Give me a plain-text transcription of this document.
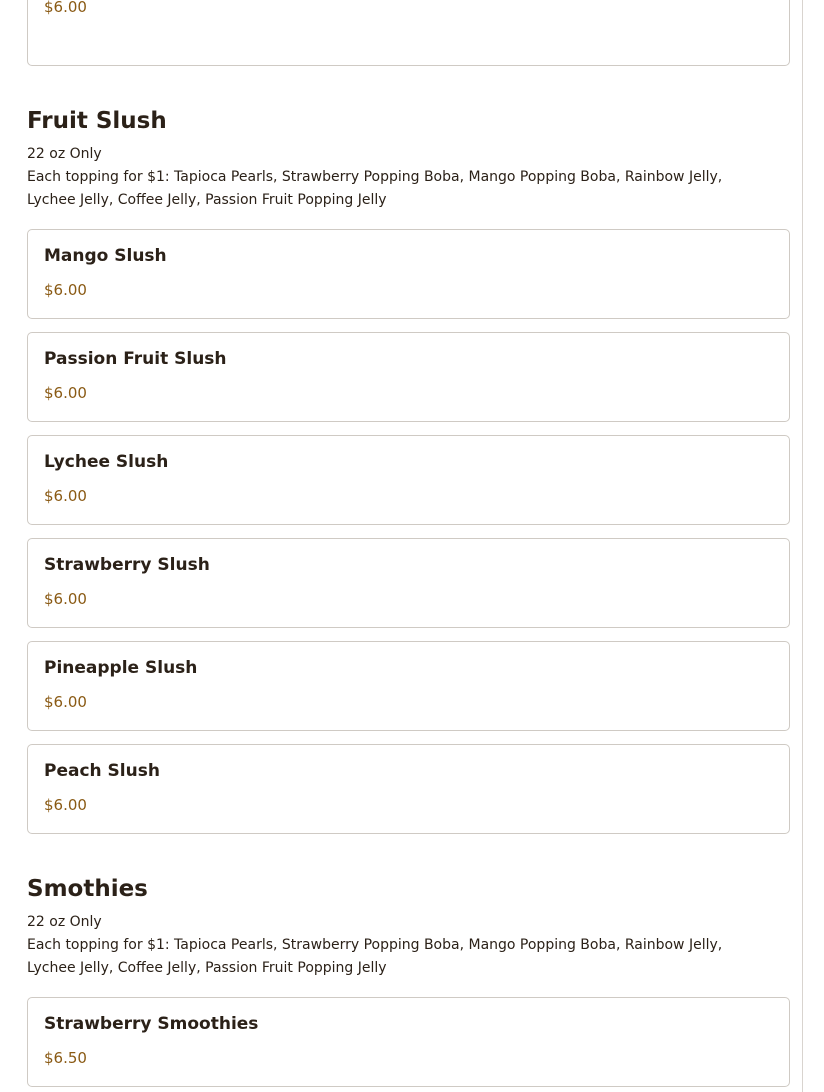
$6.00
Fruit Slush
22 oz Only
Each topping for $1: Tapioca Pearls, Strawberry Popping Boba, Mango Popping Boba, Rainbow Jelly,
Lychee Jelly, Coffee Jelly, Passion Fruit Popping Jelly
Mango Slush
$6.00
Passion Fruit Slush
$6.00
Lychee Slush
$6.00
Strawberry Slush
$6.00
Pineapple Slush
$6.00
Peach Slush
$6.00
Smothies
22 oz Only
Each topping for $1: Tapioca Pearls, Strawberry Popping Boba, Mango Popping Boba, Rainbow Jelly,
Lychee Jelly, Coffee Jelly, Passion Fruit Popping Jelly
Strawberry Smoothies
$6.50
